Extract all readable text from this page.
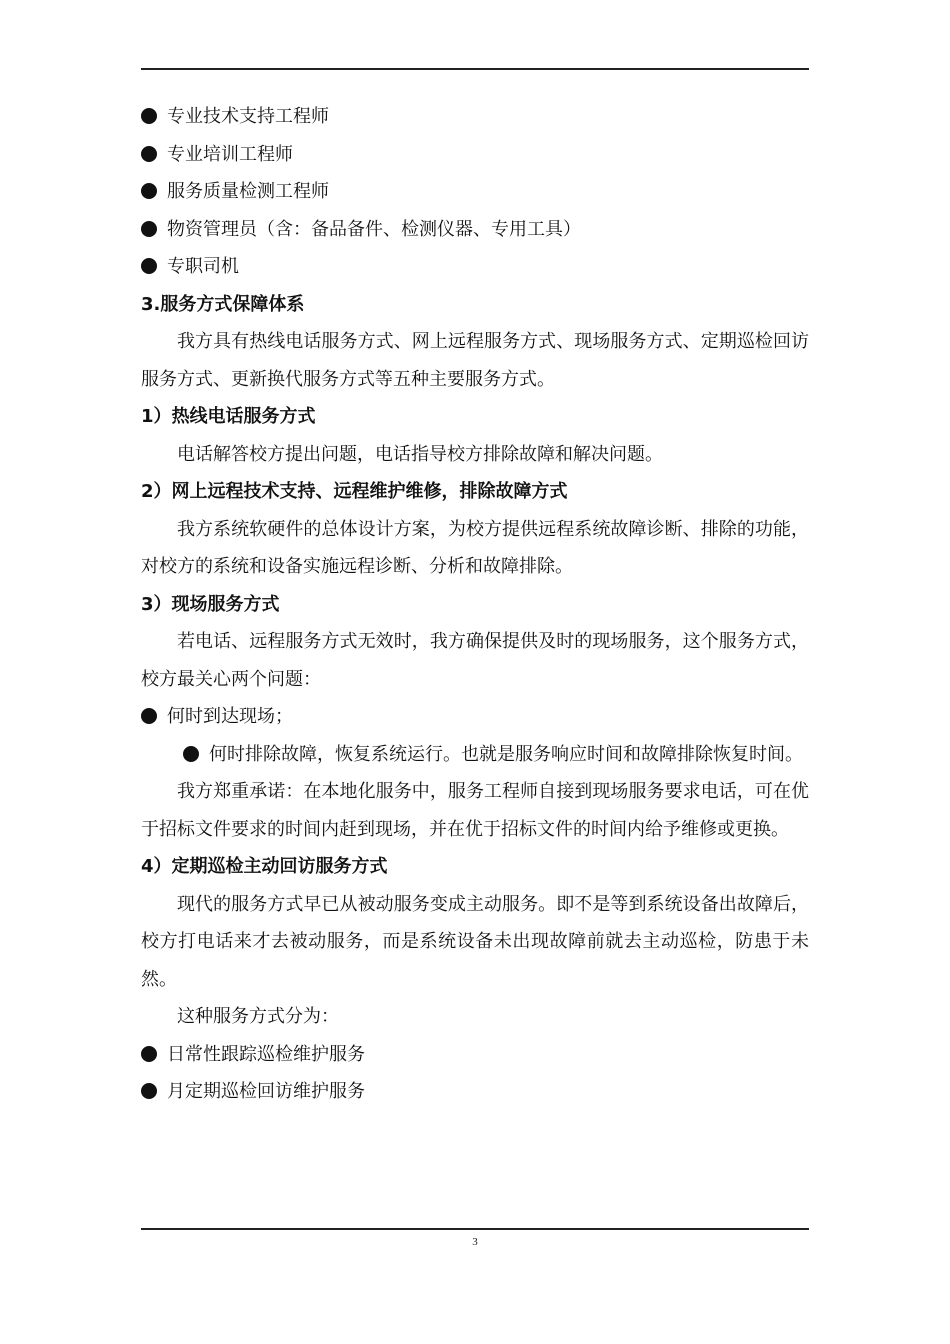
专业技术支持工程师

专业培训工程师

服务质量检测工程师

物资管理员（含：备品备件、检测仪器、专用工具）

专职司机

3.服务方式保障体系

我方具有热线电话服务方式、网上远程服务方式、现场服务方式、定期巡检回访服务方式、更新换代服务方式等五种主要服务方式。

1）热线电话服务方式

电话解答校方提出问题，电话指导校方排除故障和解决问题。

2）网上远程技术支持、远程维护维修，排除故障方式

我方系统软硬件的总体设计方案，为校方提供远程系统故障诊断、排除的功能，对校方的系统和设备实施远程诊断、分析和故障排除。

3）现场服务方式

若电话、远程服务方式无效时，我方确保提供及时的现场服务，这个服务方式，校方最关心两个问题：

何时到达现场；

何时排除故障，恢复系统运行。也就是服务响应时间和故障排除恢复时间。

我方郑重承诺：在本地化服务中，服务工程师自接到现场服务要求电话，可在优于招标文件要求的时间内赶到现场，并在优于招标文件的时间内给予维修或更换。

4）定期巡检主动回访服务方式

现代的服务方式早已从被动服务变成主动服务。即不是等到系统设备出故障后，校方打电话来才去被动服务，而是系统设备未出现故障前就去主动巡检，防患于未然。

这种服务方式分为：

日常性跟踪巡检维护服务

月定期巡检回访维护服务

3
